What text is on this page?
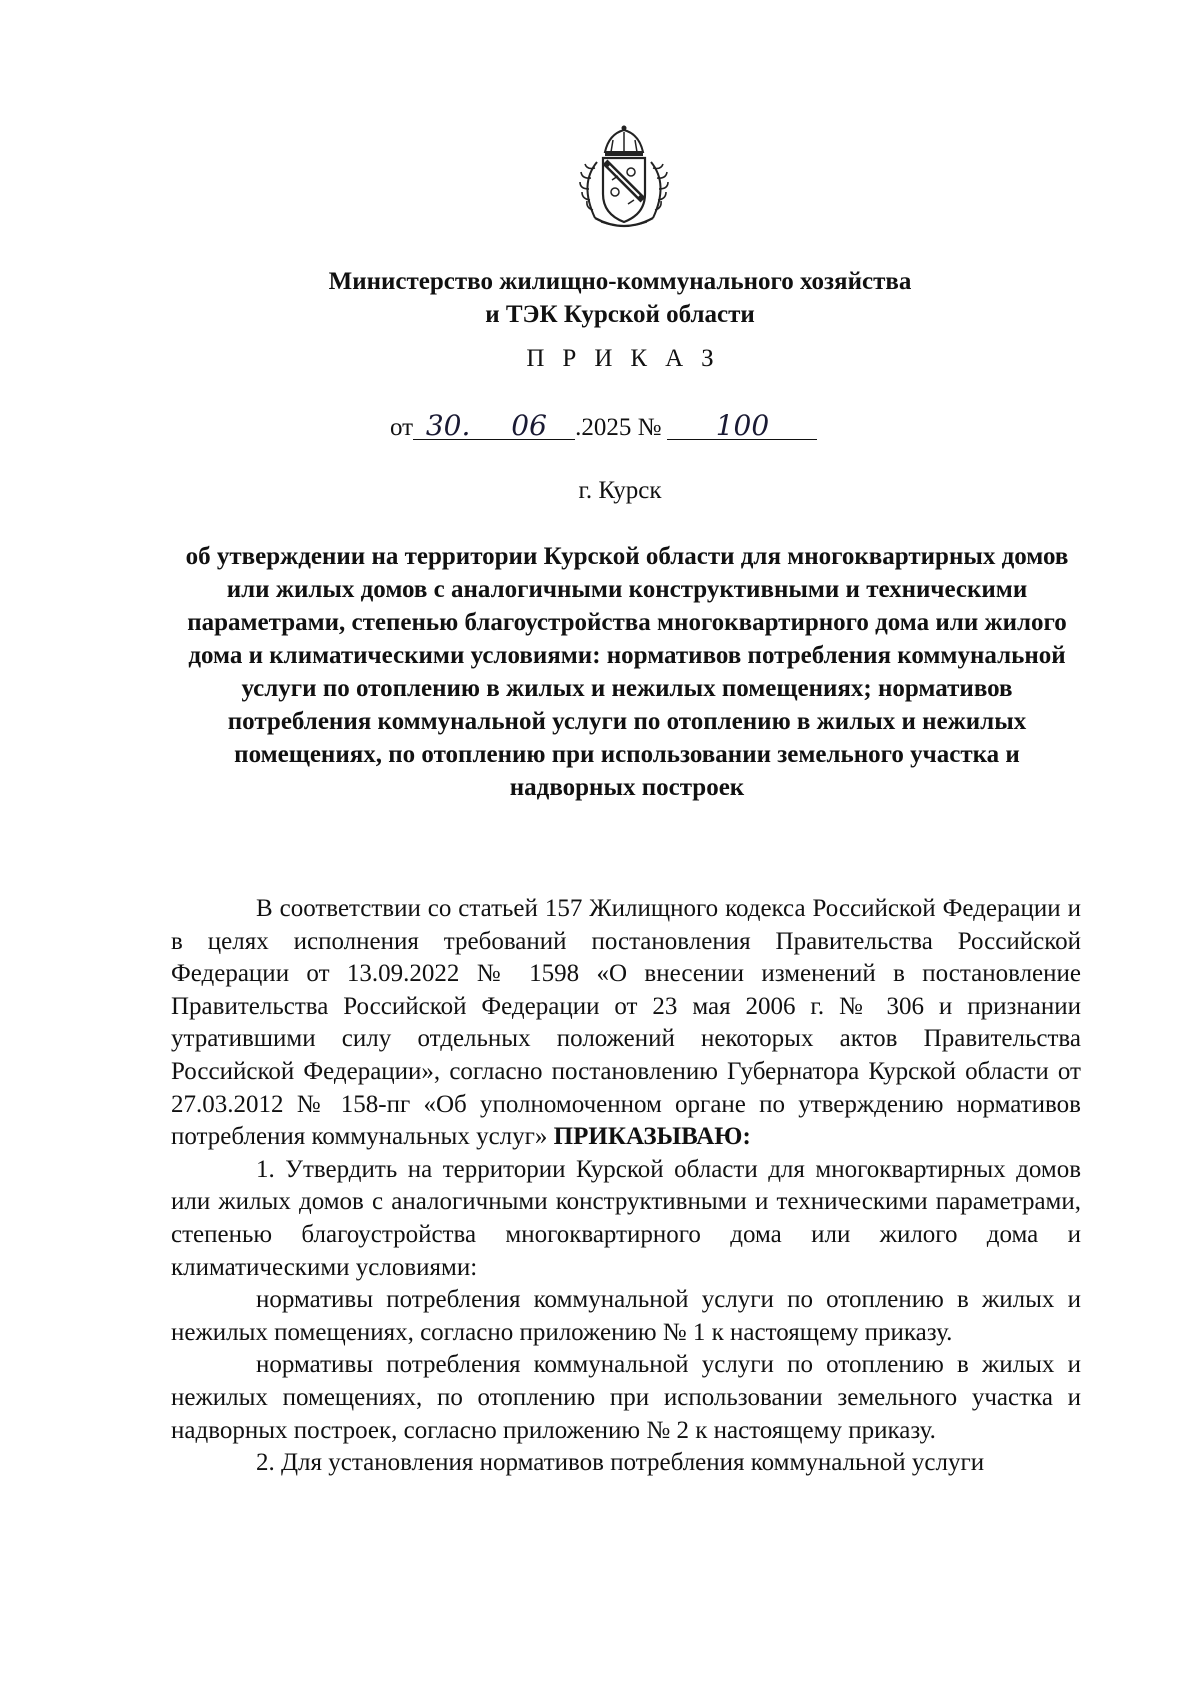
Министерство жилищно-коммунального хозяйства
и ТЭК Курской области
П Р И К А З
от 30. 06 .2025 № 100
г. Курск
об утверждении на территории Курской области для многоквартирных домов или жилых домов с аналогичными конструктивными и техническими параметрами, степенью благоустройства многоквартирного дома или жилого дома и климатическими условиями: нормативов потребления коммунальной услуги по отоплению в жилых и нежилых помещениях; нормативов потребления коммунальной услуги по отоплению в жилых и нежилых помещениях, по отоплению при использовании земельного участка и надворных построек

В соответствии со статьей 157 Жилищного кодекса Российской Федерации и в целях исполнения требований постановления Правительства Российской Федерации от 13.09.2022 № 1598 «О внесении изменений в постановление Правительства Российской Федерации от 23 мая 2006 г. № 306 и признании утратившими силу отдельных положений некоторых актов Правительства Российской Федерации», согласно постановлению Губернатора Курской области от 27.03.2012 № 158-пг «Об уполномоченном органе по утверждению нормативов потребления коммунальных услуг» ПРИКАЗЫВАЮ:

1. Утвердить на территории Курской области для многоквартирных домов или жилых домов с аналогичными конструктивными и техническими параметрами, степенью благоустройства многоквартирного дома или жилого дома и климатическими условиями:

нормативы потребления коммунальной услуги по отоплению в жилых и нежилых помещениях, согласно приложению № 1 к настоящему приказу.

нормативы потребления коммунальной услуги по отоплению в жилых и нежилых помещениях, по отоплению при использовании земельного участка и надворных построек, согласно приложению № 2 к настоящему приказу.

2. Для установления нормативов потребления коммунальной услуги
